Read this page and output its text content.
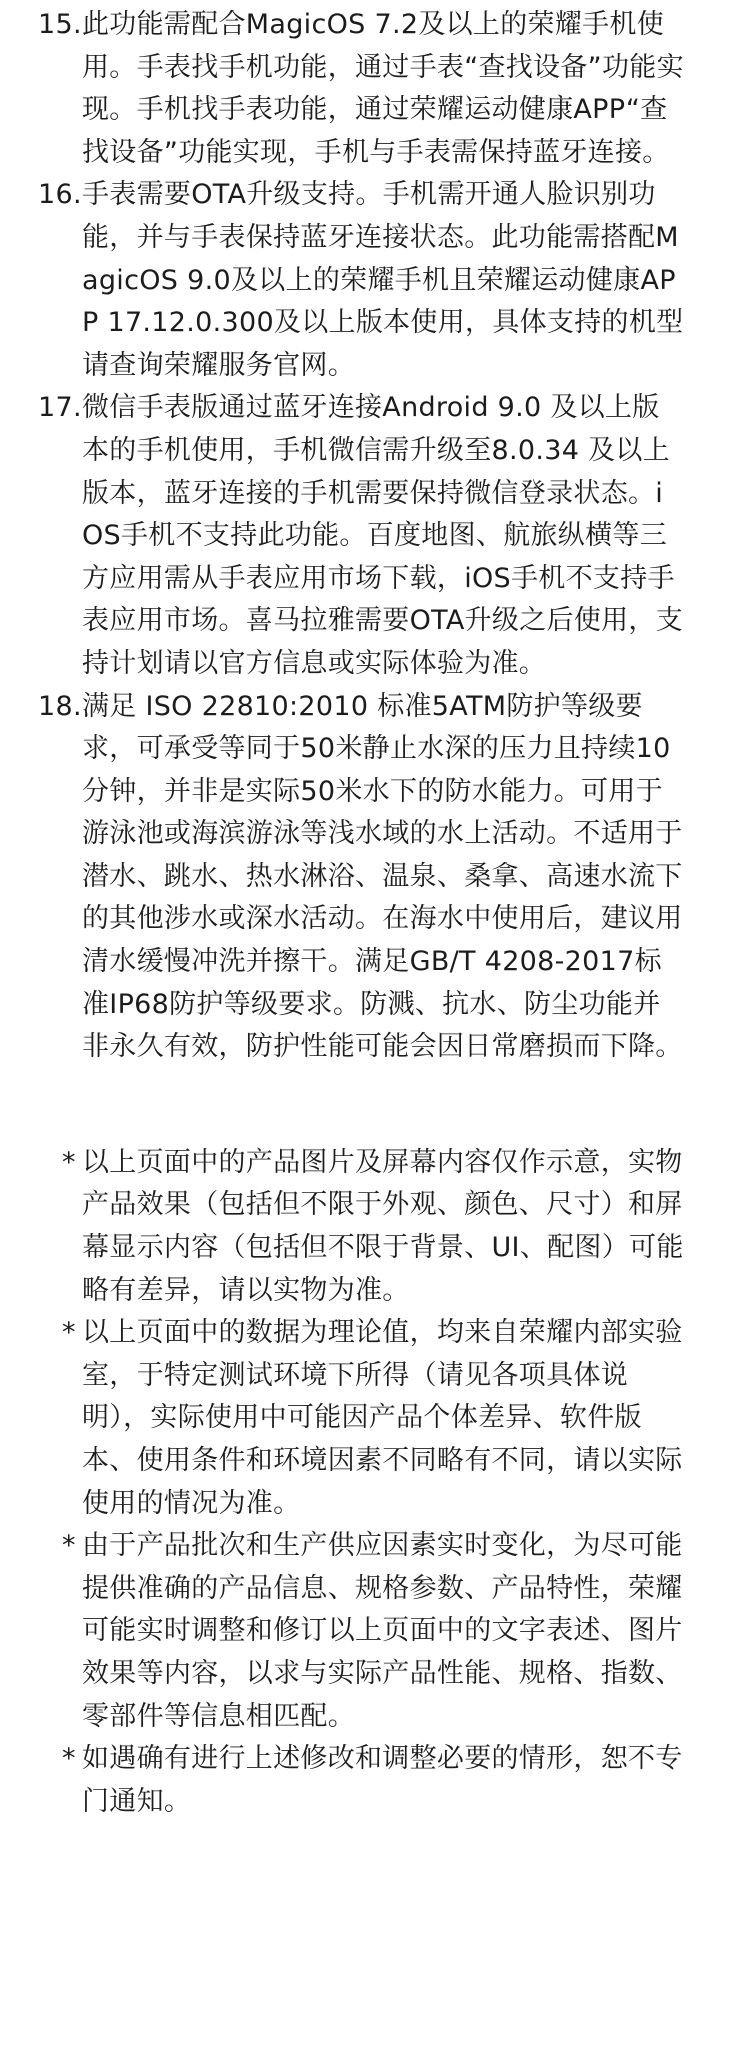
15. 此功能需配合MagicOS 7.2及以上的荣耀手机使用。手表找手机功能，通过手表“查找设备”功能实现。手机找手表功能，通过荣耀运动健康APP“查找设备”功能实现，手机与手表需保持蓝牙连接。
16. 手表需要OTA升级支持。手机需开通人脸识别功能，并与手表保持蓝牙连接状态。此功能需搭配MagicOS 9.0及以上的荣耀手机且荣耀运动健康APP 17.12.0.300及以上版本使用，具体支持的机型请查询荣耀服务官网。
17. 微信手表版通过蓝牙连接Android 9.0 及以上版本的手机使用，手机微信需升级至8.0.34 及以上版本，蓝牙连接的手机需要保持微信登录状态。iOS手机不支持此功能。百度地图、航旅纵横等三方应用需从手表应用市场下载，iOS手机不支持手表应用市场。喜马拉雅需要OTA升级之后使用，支持计划请以官方信息或实际体验为准。
18. 满足 ISO 22810:2010 标准5ATM防护等级要求，可承受等同于50米静止水深的压力且持续10分钟，并非是实际50米水下的防水能力。可用于游泳池或海滨游泳等浅水域的水上活动。不适用于潜水、跳水、热水淋浴、温泉、桑拿、高速水流下的其他涉水或深水活动。在海水中使用后，建议用清水缓慢冲洗并擦干。满足GB/T 4208-2017标准IP68防护等级要求。防溅、抗水、防尘功能并非永久有效，防护性能可能会因日常磨损而下降。
* 以上页面中的产品图片及屏幕内容仅作示意，实物产品效果（包括但不限于外观、颜色、尺寸）和屏幕显示内容（包括但不限于背景、UI、配图）可能略有差异，请以实物为准。
* 以上页面中的数据为理论值，均来自荣耀内部实验室，于特定测试环境下所得（请见各项具体说明），实际使用中可能因产品个体差异、软件版本、使用条件和环境因素不同略有不同，请以实际使用的情况为准。
* 由于产品批次和生产供应因素实时变化，为尽可能提供准确的产品信息、规格参数、产品特性，荣耀可能实时调整和修订以上页面中的文字表述、图片效果等内容，以求与实际产品性能、规格、指数、零部件等信息相匹配。
* 如遇确有进行上述修改和调整必要的情形，恕不专门通知。
